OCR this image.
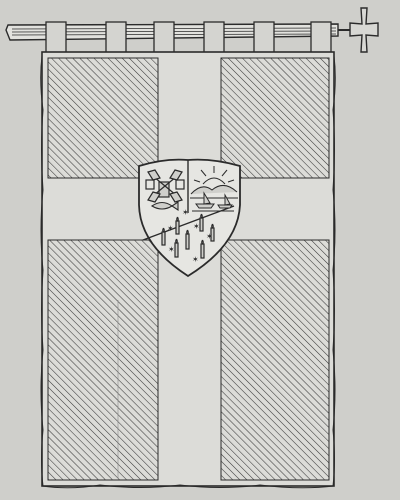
✶
✶ ✶
✶
✶
✶
